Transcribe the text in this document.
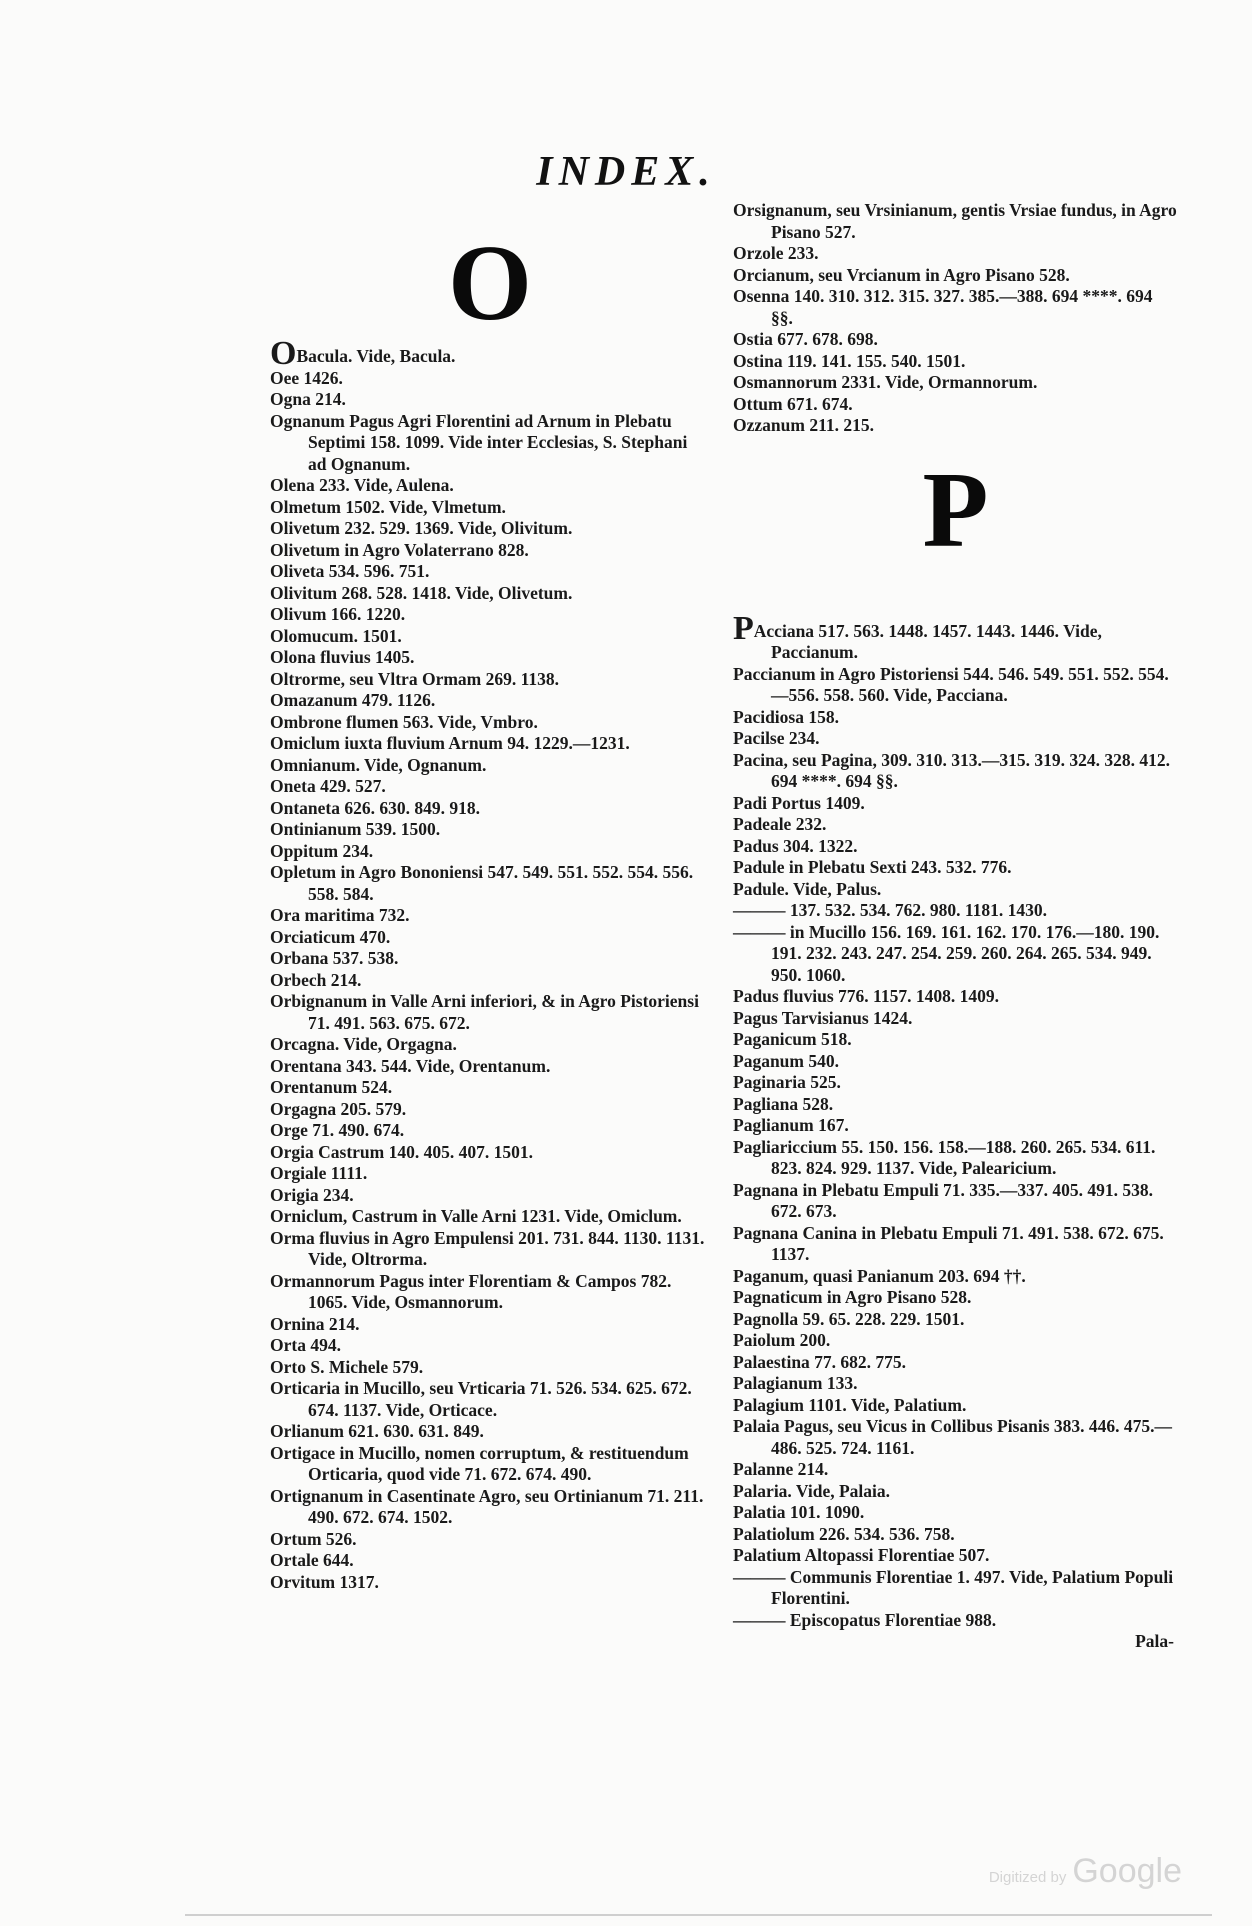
INDEX.
O

OBacula. Vide, Bacula.

Oee 1426.

Ogna 214.

Ognanum Pagus Agri Florentini ad Arnum in Plebatu Septimi 158. 1099. Vide inter Ecclesias, S. Stephani ad Ognanum.

Olena 233. Vide, Aulena.

Olmetum 1502. Vide, Vlmetum.

Olivetum 232. 529. 1369. Vide, Olivitum.

Olivetum in Agro Volaterrano 828.

Oliveta 534. 596. 751.

Olivitum 268. 528. 1418. Vide, Olivetum.

Olivum 166. 1220.

Olomucum. 1501.

Olona fluvius 1405.

Oltrorme, seu Vltra Ormam 269. 1138.

Omazanum 479. 1126.

Ombrone flumen 563. Vide, Vmbro.

Omiclum iuxta fluvium Arnum 94. 1229.—1231.

Omnianum. Vide, Ognanum.

Oneta 429. 527.

Ontaneta 626. 630. 849. 918.

Ontinianum 539. 1500.

Oppitum 234.

Opletum in Agro Bononiensi 547. 549. 551. 552. 554. 556. 558. 584.

Ora maritima 732.

Orciaticum 470.

Orbana 537. 538.

Orbech 214.

Orbignanum in Valle Arni inferiori, & in Agro Pistoriensi 71. 491. 563. 675. 672.

Orcagna. Vide, Orgagna.

Orentana 343. 544. Vide, Orentanum.

Orentanum 524.

Orgagna 205. 579.

Orge 71. 490. 674.

Orgia Castrum 140. 405. 407. 1501.

Orgiale 1111.

Origia 234.

Orniclum, Castrum in Valle Arni 1231. Vide, Omiclum.

Orma fluvius in Agro Empulensi 201. 731. 844. 1130. 1131. Vide, Oltrorma.

Ormannorum Pagus inter Florentiam & Campos 782. 1065. Vide, Osmannorum.

Ornina 214.

Orta 494.

Orto S. Michele 579.

Orticaria in Mucillo, seu Vrticaria 71. 526. 534. 625. 672. 674. 1137. Vide, Orticace.

Orlianum 621. 630. 631. 849.

Ortigace in Mucillo, nomen corruptum, & restituendum Orticaria, quod vide 71. 672. 674. 490.

Ortignanum in Casentinate Agro, seu Ortinianum 71. 211. 490. 672. 674. 1502.

Ortum 526.

Ortale 644.

Orvitum 1317.

Orsignanum, seu Vrsinianum, gentis Vrsiae fundus, in Agro Pisano 527.

Orzole 233.

Orcianum, seu Vrcianum in Agro Pisano 528.

Osenna 140. 310. 312. 315. 327. 385.—388. 694 ****. 694 §§.

Ostia 677. 678. 698.

Ostina 119. 141. 155. 540. 1501.

Osmannorum 2331. Vide, Ormannorum.

Ottum 671. 674.

Ozzanum 211. 215.

P

PAcciana 517. 563. 1448. 1457. 1443. 1446. Vide, Paccianum.

Paccianum in Agro Pistoriensi 544. 546. 549. 551. 552. 554.—556. 558. 560. Vide, Pacciana.

Pacidiosa 158.

Pacilse 234.

Pacina, seu Pagina, 309. 310. 313.—315. 319. 324. 328. 412. 694 ****. 694 §§.

Padi Portus 1409.

Padeale 232.

Padus 304. 1322.

Padule in Plebatu Sexti 243. 532. 776.

Padule. Vide, Palus.

——— 137. 532. 534. 762. 980. 1181. 1430.

——— in Mucillo 156. 169. 161. 162. 170. 176.—180. 190. 191. 232. 243. 247. 254. 259. 260. 264. 265. 534. 949. 950. 1060.

Padus fluvius 776. 1157. 1408. 1409.

Pagus Tarvisianus 1424.

Paganicum 518.

Paganum 540.

Paginaria 525.

Pagliana 528.

Paglianum 167.

Pagliariccium 55. 150. 156. 158.—188. 260. 265. 534. 611. 823. 824. 929. 1137. Vide, Palearicium.

Pagnana in Plebatu Empuli 71. 335.—337. 405. 491. 538. 672. 673.

Pagnana Canina in Plebatu Empuli 71. 491. 538. 672. 675. 1137.

Paganum, quasi Panianum 203. 694 ††.

Pagnaticum in Agro Pisano 528.

Pagnolla 59. 65. 228. 229. 1501.

Paiolum 200.

Palaestina 77. 682. 775.

Palagianum 133.

Palagium 1101. Vide, Palatium.

Palaia Pagus, seu Vicus in Collibus Pisanis 383. 446. 475.—486. 525. 724. 1161.

Palanne 214.

Palaria. Vide, Palaia.

Palatia 101. 1090.

Palatiolum 226. 534. 536. 758.

Palatium Altopassi Florentiae 507.

——— Communis Florentiae 1. 497. Vide, Palatium Populi Florentini.

——— Episcopatus Florentiae 988.

Pala-
Digitized by Google
